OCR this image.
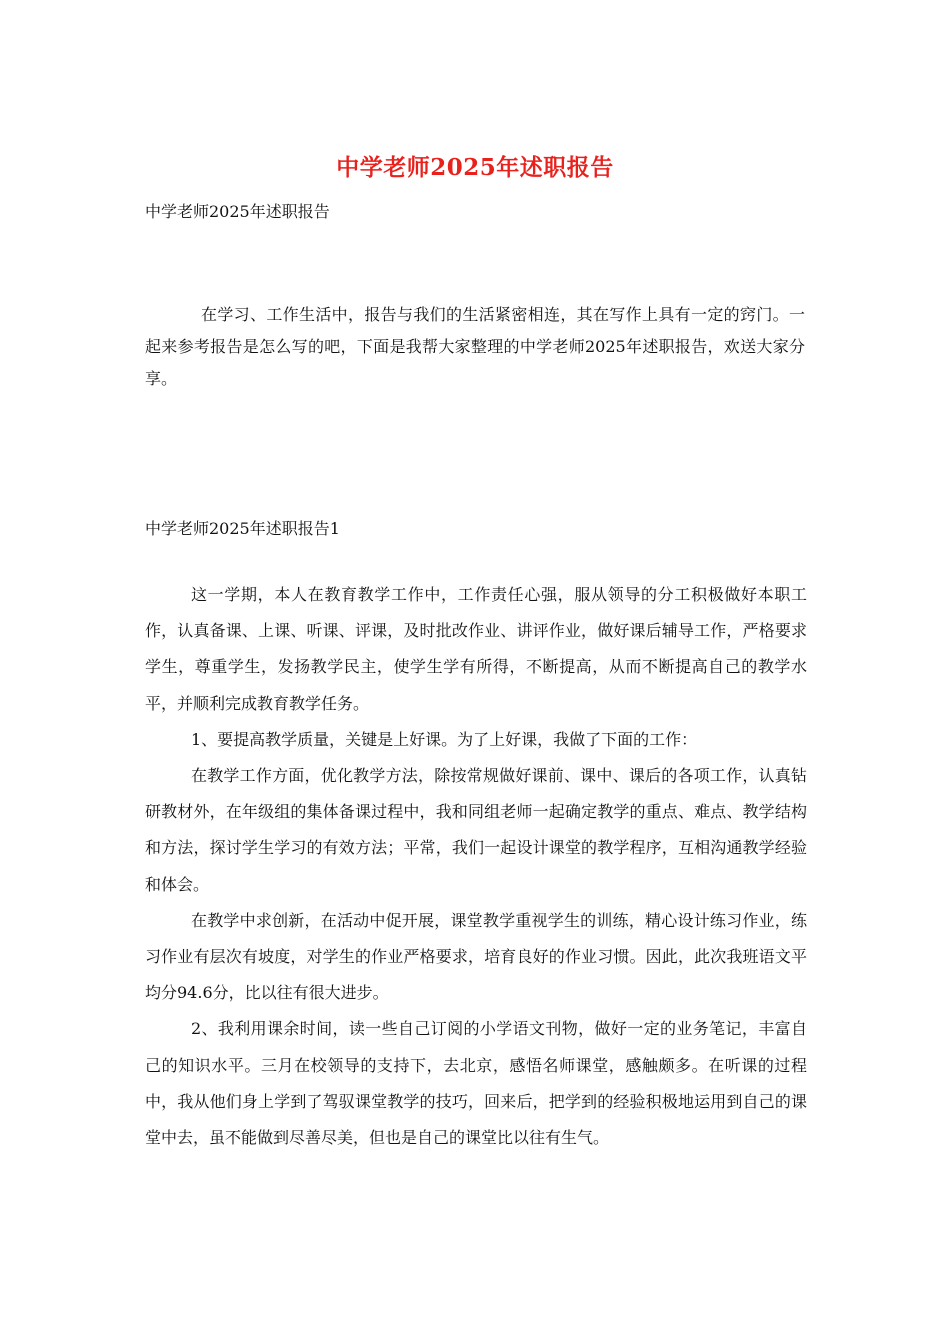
中学老师2025年述职报告
中学老师2025年述职报告
在学习、工作生活中，报告与我们的生活紧密相连，其在写作上具有一定的窍门。一起来参考报告是怎么写的吧，下面是我帮大家整理的中学老师2025年述职报告，欢送大家分享。
中学老师2025年述职报告1

这一学期，本人在教育教学工作中，工作责任心强，服从领导的分工积极做好本职工作，认真备课、上课、听课、评课，及时批改作业、讲评作业，做好课后辅导工作，严格要求学生，尊重学生，发扬教学民主，使学生学有所得，不断提高，从而不断提高自己的教学水平，并顺利完成教育教学任务。

1、要提高教学质量，关键是上好课。为了上好课，我做了下面的工作：

在教学工作方面，优化教学方法，除按常规做好课前、课中、课后的各项工作，认真钻研教材外，在年级组的集体备课过程中，我和同组老师一起确定教学的重点、难点、教学结构和方法，探讨学生学习的有效方法；平常，我们一起设计课堂的教学程序，互相沟通教学经验和体会。

在教学中求创新，在活动中促开展，课堂教学重视学生的训练，精心设计练习作业，练习作业有层次有坡度，对学生的作业严格要求，培育良好的作业习惯。因此，此次我班语文平均分94.6分，比以往有很大进步。

2、我利用课余时间，读一些自己订阅的小学语文刊物，做好一定的业务笔记，丰富自己的知识水平。三月在校领导的支持下，去北京，感悟名师课堂，感触颇多。在听课的过程中，我从他们身上学到了驾驭课堂教学的技巧，回来后，把学到的经验积极地运用到自己的课堂中去，虽不能做到尽善尽美，但也是自己的课堂比以往有生气。
